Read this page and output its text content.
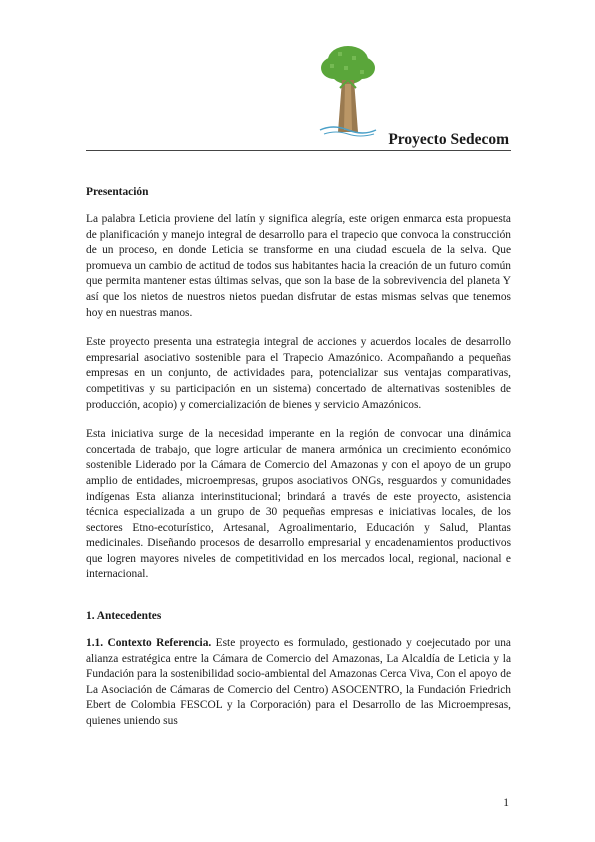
Proyecto Sedecom

Presentación

La palabra Leticia proviene del latín y significa alegría, este origen enmarca esta propuesta de planificación y manejo integral de desarrollo para el trapecio que convoca la construcción de un proceso, en donde Leticia se transforme en una ciudad escuela de la selva. Que promueva un cambio de actitud de todos sus habitantes hacia la creación de un futuro común que permita mantener estas últimas selvas, que son la base de la sobrevivencia del planeta Y así que los nietos de nuestros nietos puedan disfrutar de estas mismas selvas que tenemos hoy en nuestras manos.

Este proyecto presenta una estrategia integral de acciones y acuerdos locales de desarrollo empresarial asociativo sostenible para el Trapecio Amazónico. Acompañando a pequeñas empresas en un conjunto, de actividades para, potencializar sus ventajas comparativas, competitivas y su participación en un sistema) concertado de alternativas sostenibles de producción, acopio) y comercialización de bienes y servicio Amazónicos.

Esta iniciativa surge de la necesidad imperante en la región de convocar una dinámica concertada de trabajo, que logre articular de manera armónica un crecimiento económico sostenible Liderado por la Cámara de Comercio del Amazonas y con el apoyo de un grupo amplio de entidades, microempresas, grupos asociativos ONGs, resguardos y comunidades indígenas Esta alianza interinstitucional; brindará a través de este proyecto, asistencia técnica especializada a un grupo de 30 pequeñas empresas e iniciativas locales, de los sectores Etno-ecoturístico, Artesanal, Agroalimentario, Educación y Salud, Plantas medicinales. Diseñando procesos de desarrollo empresarial y encadenamientos productivos que logren mayores niveles de competitividad en los mercados local, regional, nacional e internacional.

1. Antecedentes

1.1. Contexto Referencia. Este proyecto es formulado, gestionado y coejecutado por una alianza estratégica entre la Cámara de Comercio del Amazonas, La Alcaldía de Leticia y la Fundación para la sostenibilidad socio-ambiental del Amazonas Cerca Viva, Con el apoyo de La Asociación de Cámaras de Comercio del Centro) ASOCENTRO, la Fundación Friedrich Ebert de Colombia FESCOL y la Corporación) para el Desarrollo de las Microempresas, quienes uniendo sus

1
